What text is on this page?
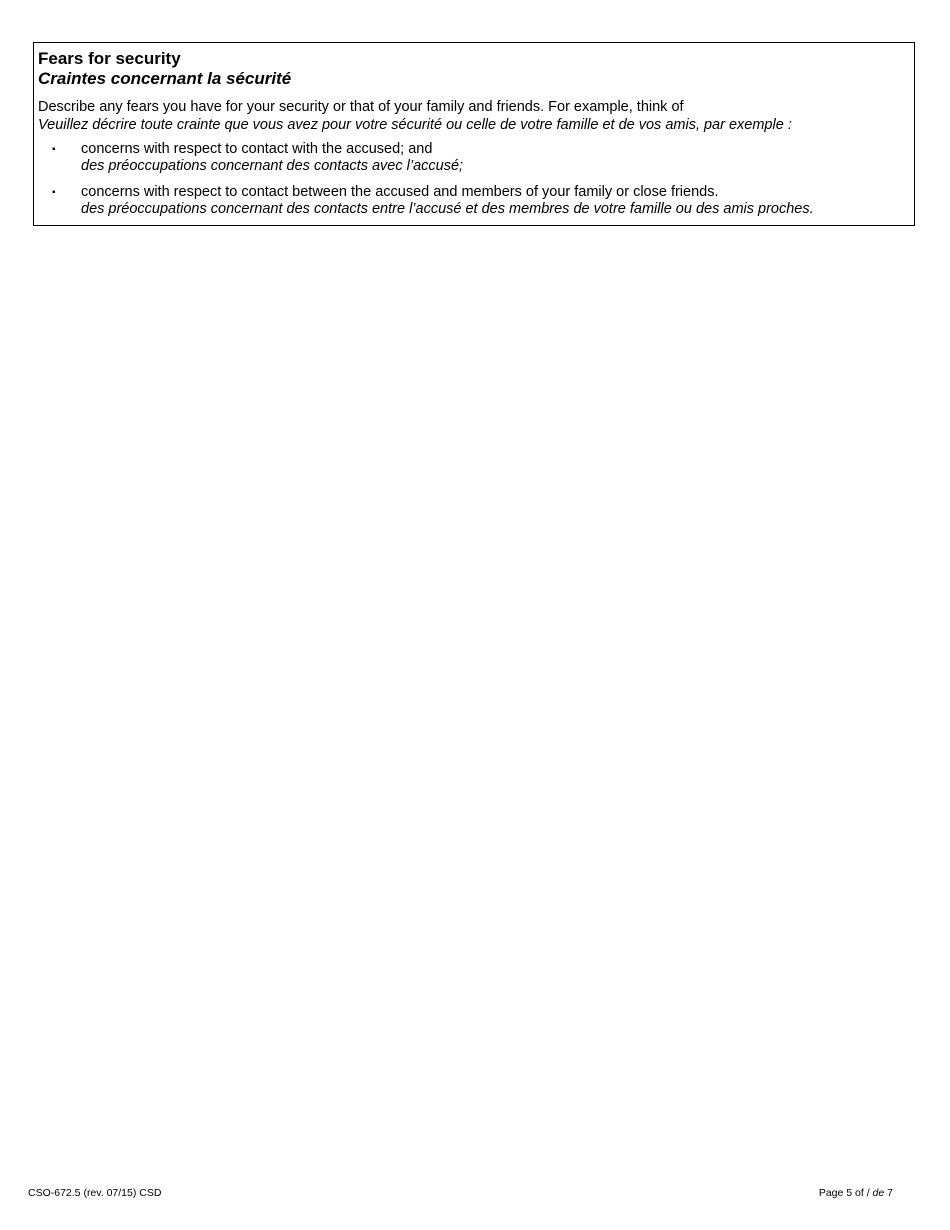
Fears for security
Craintes concernant la sécurité
Describe any fears you have for your security or that of your family and friends. For example, think of
Veuillez décrire toute crainte que vous avez pour votre sécurité ou celle de votre famille et de vos amis, par exemple :
▪ concerns with respect to contact with the accused; and
des préoccupations concernant des contacts avec l’accusé;
▪ concerns with respect to contact between the accused and members of your family or close friends.
des préoccupations concernant des contacts entre l’accusé et des membres de votre famille ou des amis proches.
CSO-672.5 (rev. 07/15) CSD	Page 5 of / de 7
